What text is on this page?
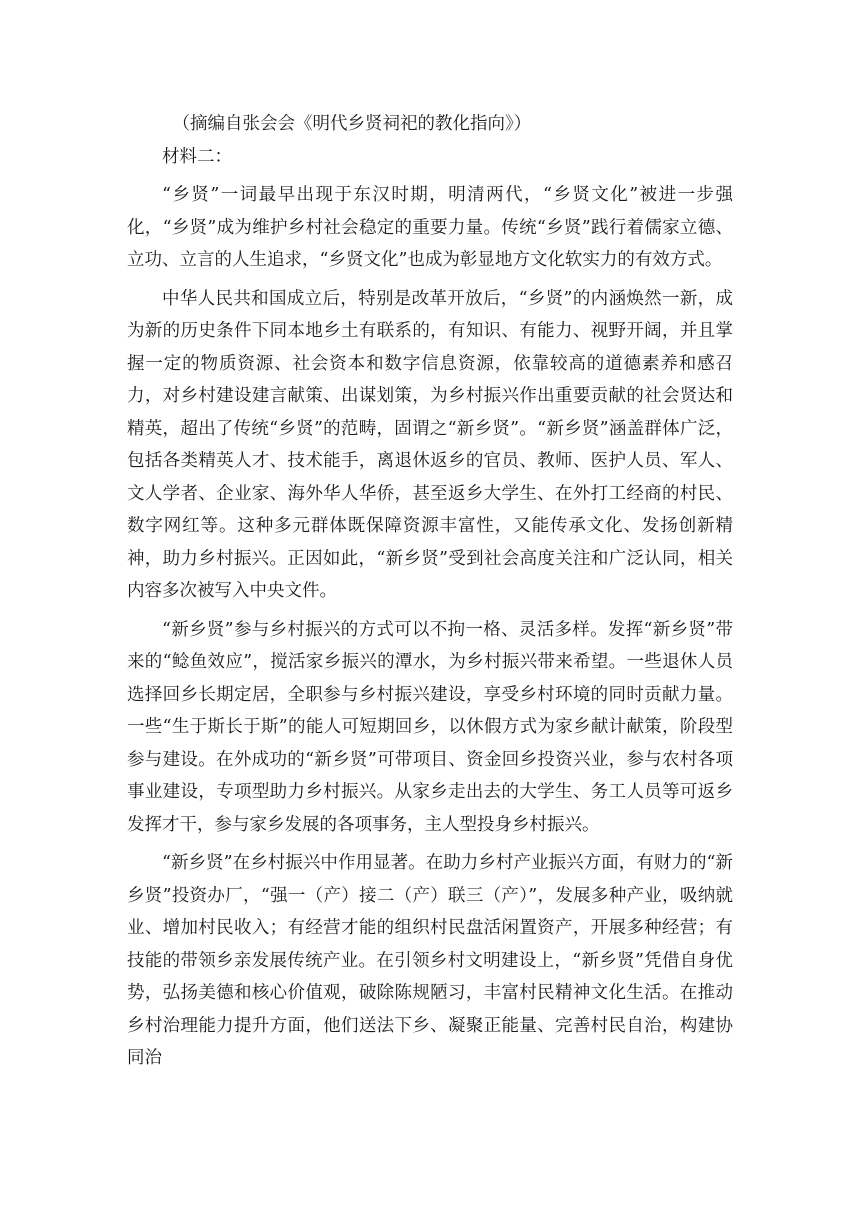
（摘编自张会会《明代乡贤祠祀的教化指向》）

材料二：

“乡贤”一词最早出现于东汉时期，明清两代，“乡贤文化”被进一步强化，“乡贤”成为维护乡村社会稳定的重要力量。传统“乡贤”践行着儒家立德、立功、立言的人生追求，“乡贤文化”也成为彰显地方文化软实力的有效方式。

中华人民共和国成立后，特别是改革开放后，“乡贤”的内涵焕然一新，成为新的历史条件下同本地乡土有联系的，有知识、有能力、视野开阔，并且掌握一定的物质资源、社会资本和数字信息资源，依靠较高的道德素养和感召力，对乡村建设建言献策、出谋划策，为乡村振兴作出重要贡献的社会贤达和精英，超出了传统“乡贤”的范畴，固谓之“新乡贤”。“新乡贤”涵盖群体广泛，包括各类精英人才、技术能手，离退休返乡的官员、教师、医护人员、军人、文人学者、企业家、海外华人华侨，甚至返乡大学生、在外打工经商的村民、数字网红等。这种多元群体既保障资源丰富性，又能传承文化、发扬创新精神，助力乡村振兴。正因如此，“新乡贤”受到社会高度关注和广泛认同，相关内容多次被写入中央文件。

“新乡贤”参与乡村振兴的方式可以不拘一格、灵活多样。发挥“新乡贤”带来的“鲶鱼效应”，搅活家乡振兴的潭水，为乡村振兴带来希望。一些退休人员选择回乡长期定居，全职参与乡村振兴建设，享受乡村环境的同时贡献力量。一些“生于斯长于斯”的能人可短期回乡，以休假方式为家乡献计献策，阶段型参与建设。在外成功的“新乡贤”可带项目、资金回乡投资兴业，参与农村各项事业建设，专项型助力乡村振兴。从家乡走出去的大学生、务工人员等可返乡发挥才干，参与家乡发展的各项事务，主人型投身乡村振兴。

“新乡贤”在乡村振兴中作用显著。在助力乡村产业振兴方面，有财力的“新乡贤”投资办厂，“强一（产）接二（产）联三（产）”，发展多种产业，吸纳就业、增加村民收入；有经营才能的组织村民盘活闲置资产，开展多种经营；有技能的带领乡亲发展传统产业。在引领乡村文明建设上，“新乡贤”凭借自身优势，弘扬美德和核心价值观，破除陈规陋习，丰富村民精神文化生活。在推动乡村治理能力提升方面，他们送法下乡、凝聚正能量、完善村民自治，构建协同治
